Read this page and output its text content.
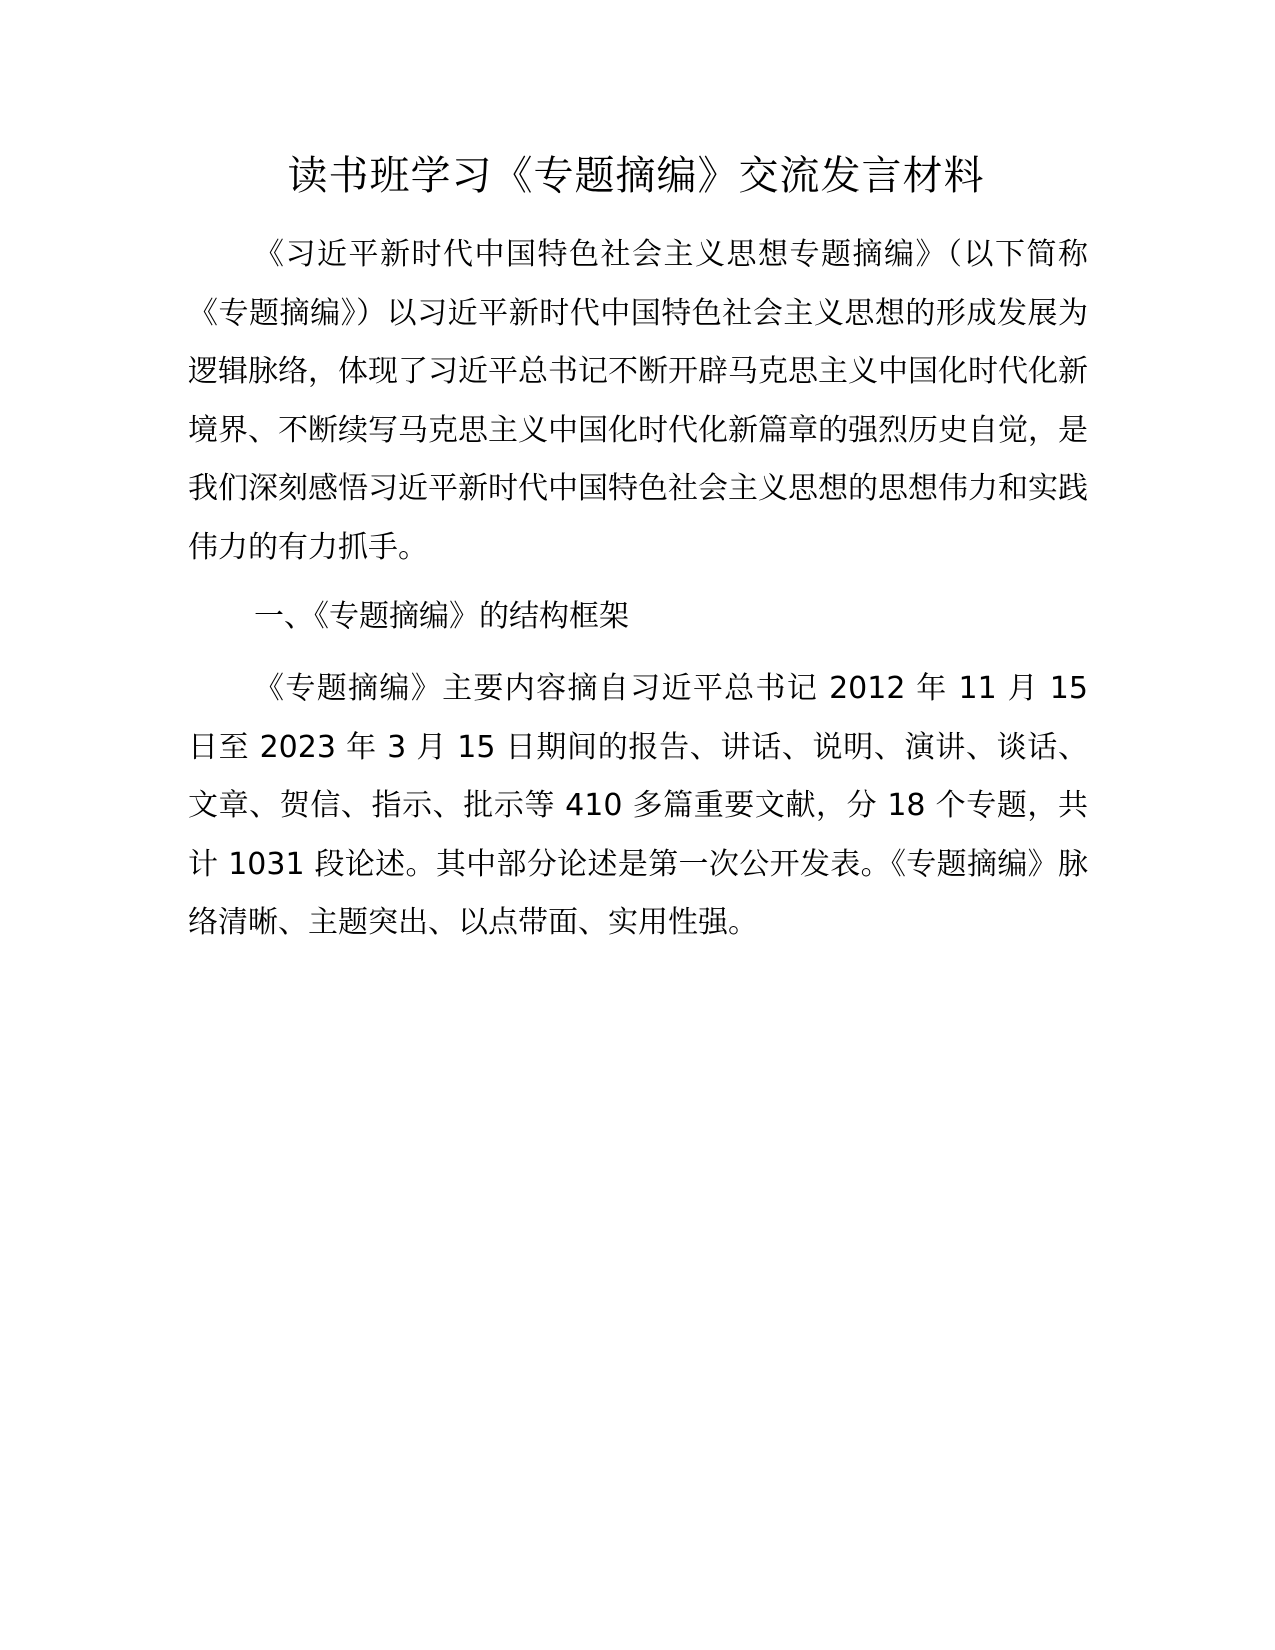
读书班学习《专题摘编》交流发言材料

《习近平新时代中国特色社会主义思想专题摘编》（以下简称《专题摘编》）以习近平新时代中国特色社会主义思想的形成发展为逻辑脉络，体现了习近平总书记不断开辟马克思主义中国化时代化新境界、不断续写马克思主义中国化时代化新篇章的强烈历史自觉，是我们深刻感悟习近平新时代中国特色社会主义思想的思想伟力和实践伟力的有力抓手。

一、《专题摘编》的结构框架

《专题摘编》主要内容摘自习近平总书记 2012 年 11 月 15 日至 2023 年 3 月 15 日期间的报告、讲话、说明、演讲、谈话、文章、贺信、指示、批示等 410 多篇重要文献，分 18 个专题，共计 1031 段论述。其中部分论述是第一次公开发表。《专题摘编》脉络清晰、主题突出、以点带面、实用性强。
